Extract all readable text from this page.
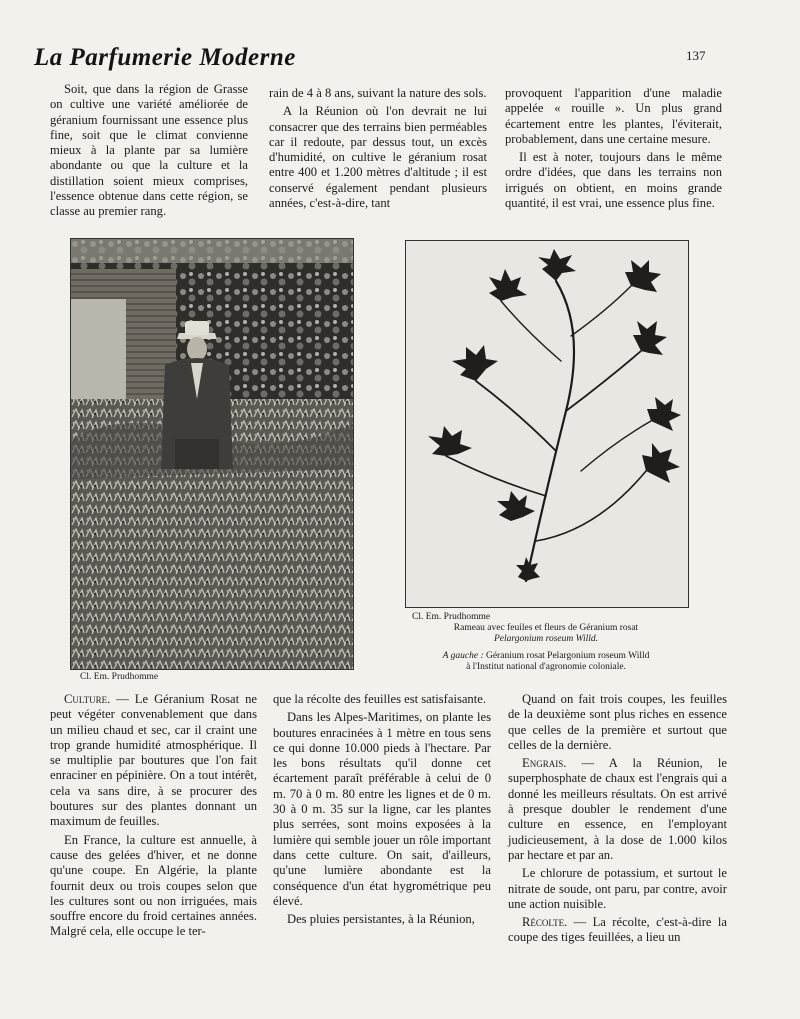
La Parfumerie Moderne	137

Soit, que dans la région de Grasse on cultive une variété améliorée de géranium fournissant une essence plus fine, soit que le climat convienne mieux à la plante par sa lumière abondante ou que la culture et la distillation soient mieux comprises, l'essence obtenue dans cette région, se classe au premier rang.

rain de 4 à 8 ans, suivant la nature des sols.

A la Réunion où l'on devrait ne lui consacrer que des terrains bien perméables car il redoute, par dessus tout, un excès d'humidité, on cultive le géranium rosat entre 400 et 1.200 mètres d'altitude ; il est conservé également pendant plusieurs années, c'est-à-dire, tant

provoquent l'apparition d'une maladie appelée « rouille ». Un plus grand écartement entre les plantes, l'éviterait, probablement, dans une certaine mesure.

Il est à noter, toujours dans le même ordre d'idées, que dans les terrains non irrigués on obtient, en moins grande quantité, il est vrai, une essence plus fine.

Cl. Em. Prudhomme
Cl. Em. Prudhomme
Rameau avec feuiles et fleurs de Géranium rosat
Pelargonium roseum Willd.
A gauche : Géranium rosat Pelargonium roseum Willd
à l'Institut national d'agronomie coloniale.

Culture. — Le Géranium Rosat ne peut végéter convenablement que dans un milieu chaud et sec, car il craint une trop grande humidité atmosphérique. Il se multiplie par boutures que l'on fait enraciner en pépinière. On a tout intérêt, cela va sans dire, à se procurer des boutures sur des plantes donnant un maximum de feuilles.

En France, la culture est annuelle, à cause des gelées d'hiver, et ne donne qu'une coupe. En Algérie, la plante fournit deux ou trois coupes selon que les cultures sont ou non irriguées, mais souffre encore du froid certaines années. Malgré cela, elle occupe le ter-

que la récolte des feuilles est satisfaisante.

Dans les Alpes-Maritimes, on plante les boutures enracinées à 1 mètre en tous sens ce qui donne 10.000 pieds à l'hectare. Par les bons résultats qu'il donne cet écartement paraît préférable à celui de 0 m. 70 à 0 m. 80 entre les lignes et de 0 m. 30 à 0 m. 35 sur la ligne, car les plantes plus serrées, sont moins exposées à la lumière qui semble jouer un rôle important dans cette culture. On sait, d'ailleurs, qu'une lumière abondante est la conséquence d'un état hygrométrique peu élevé.

Des pluies persistantes, à la Réunion,

Quand on fait trois coupes, les feuilles de la deuxième sont plus riches en essence que celles de la première et surtout que celles de la dernière.

Engrais. — A la Réunion, le superphosphate de chaux est l'engrais qui a donné les meilleurs résultats. On est arrivé à presque doubler le rendement d'une culture en essence, en l'employant judicieusement, à la dose de 1.000 kilos par hectare et par an.

Le chlorure de potassium, et surtout le nitrate de soude, ont paru, par contre, avoir une action nuisible.

Récolte. — La récolte, c'est-à-dire la coupe des tiges feuillées, a lieu un
